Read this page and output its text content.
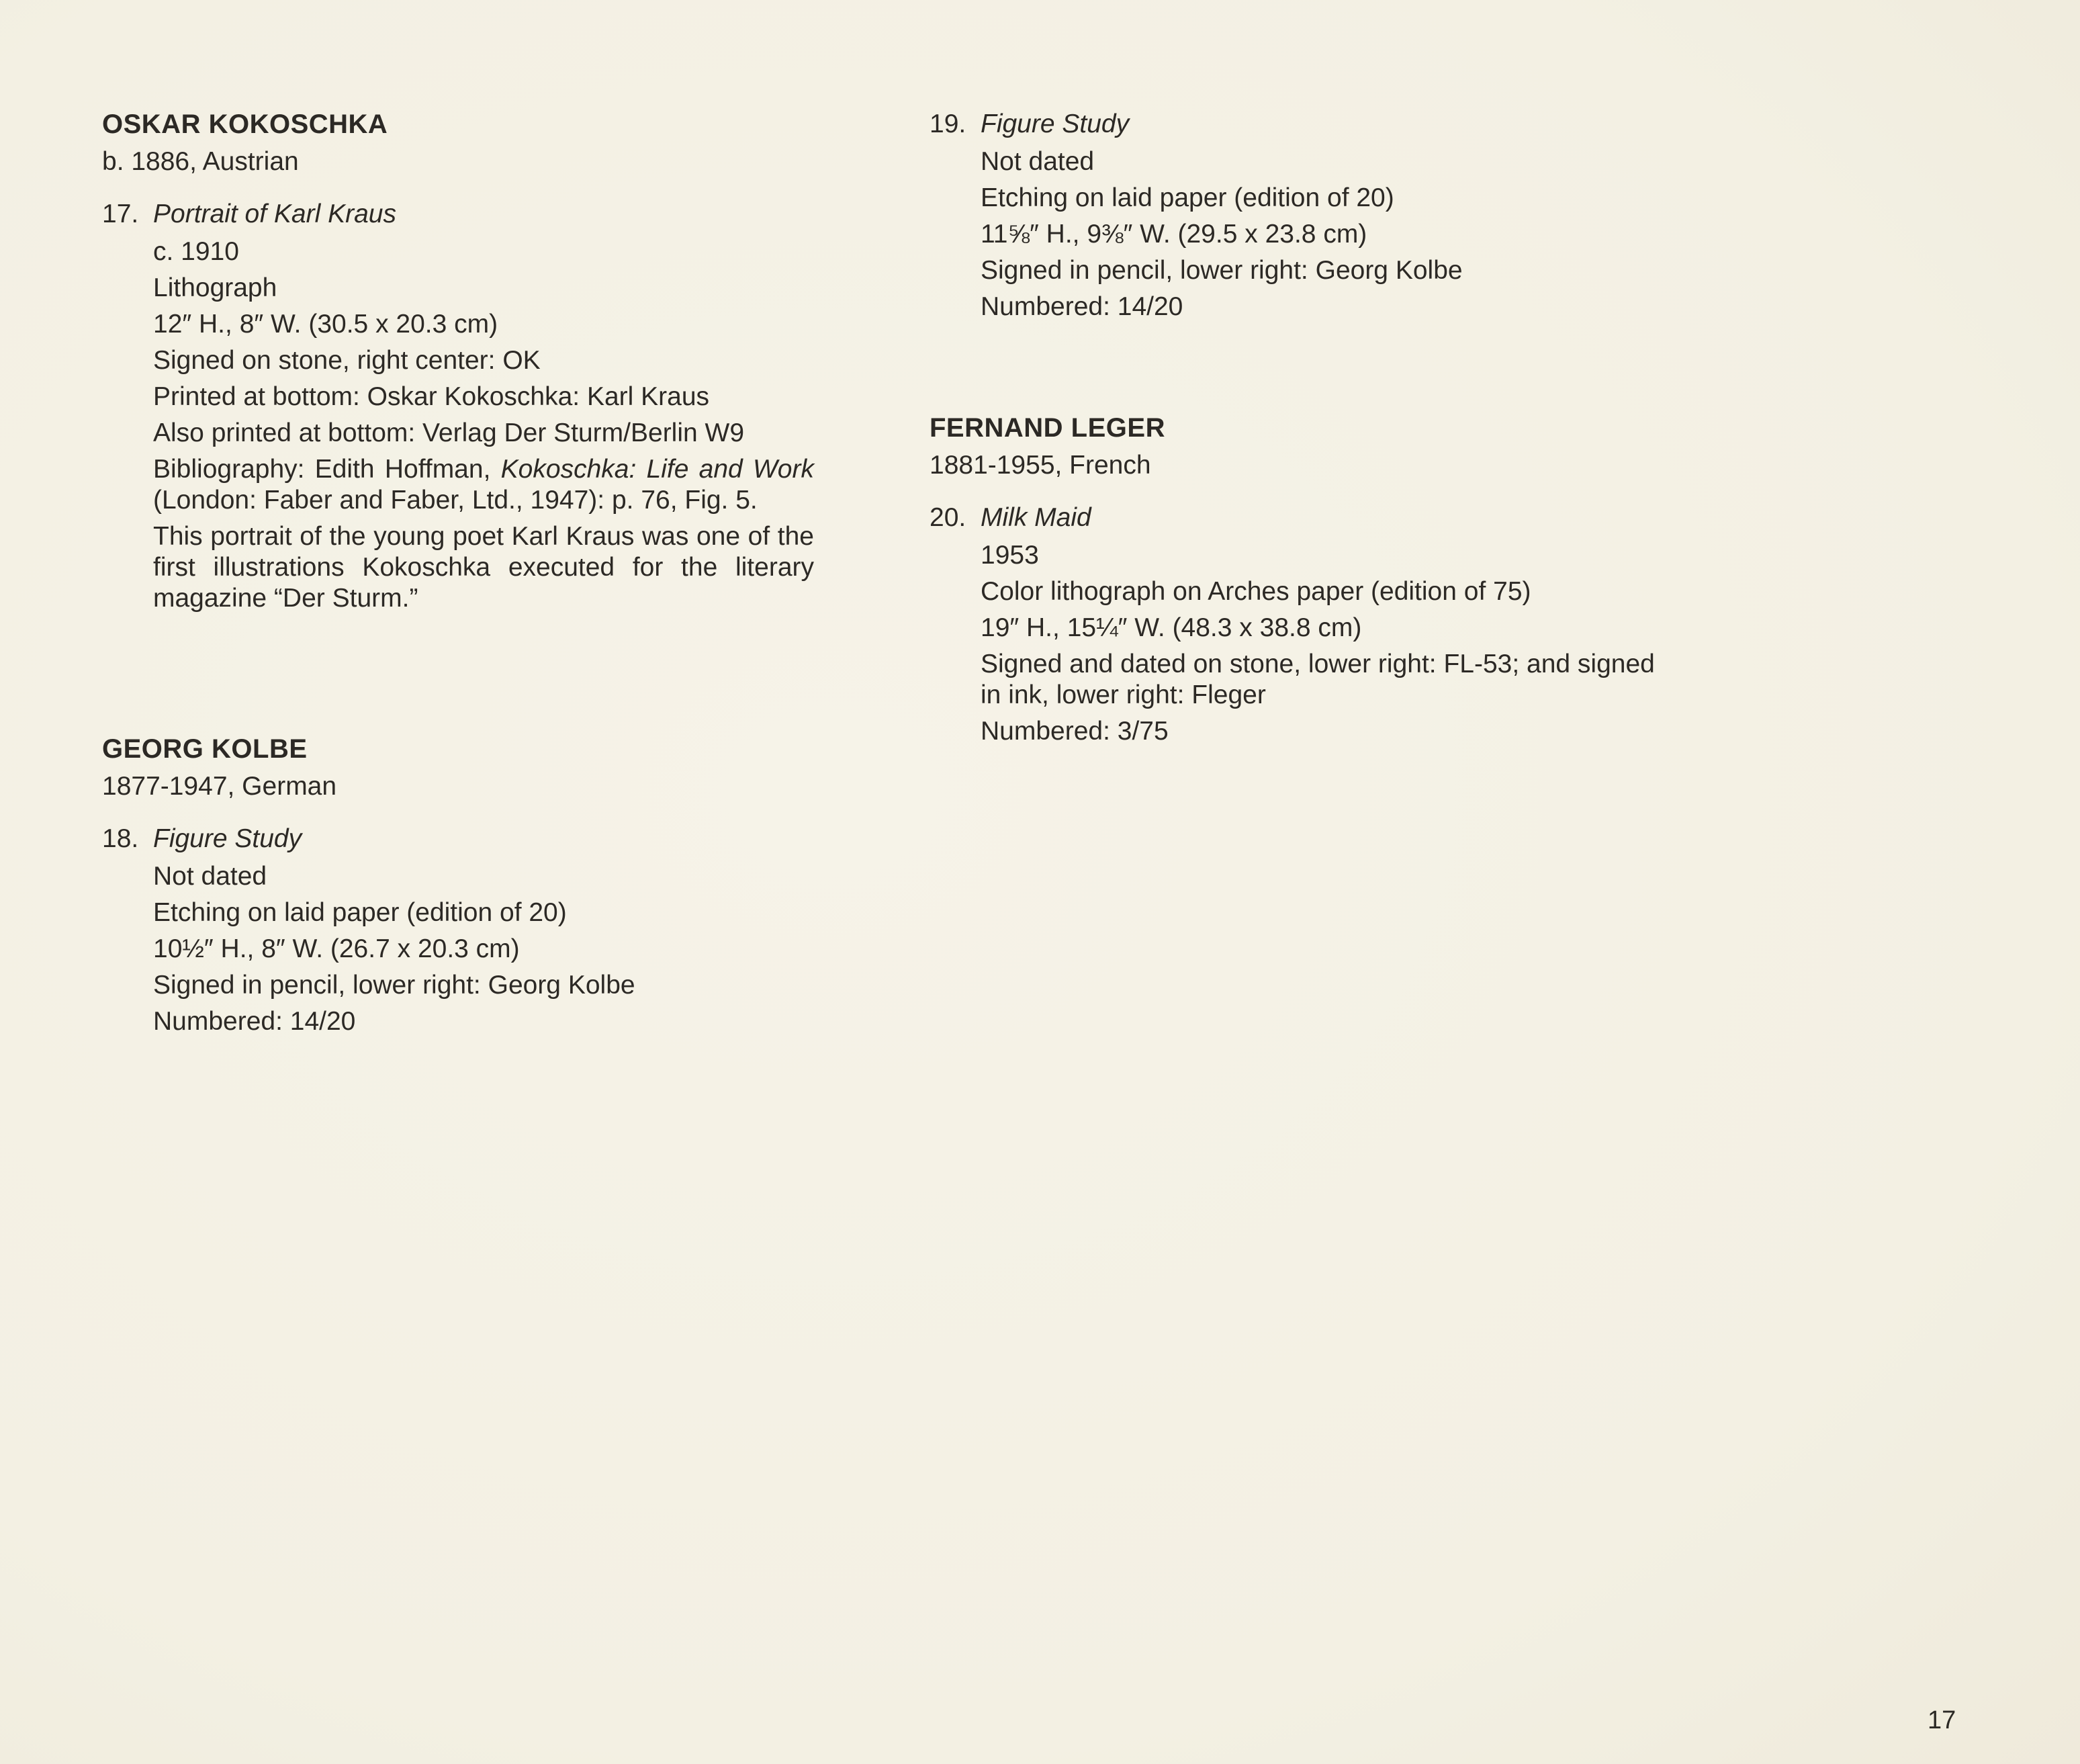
OSKAR KOKOSCHKA

b. 1886, Austrian

17. Portrait of Karl Kraus
c. 1910
Lithograph
12″ H., 8″ W. (30.5 x 20.3 cm)
Signed on stone, right center: OK
Printed at bottom: Oskar Kokoschka: Karl Kraus
Also printed at bottom: Verlag Der Sturm/Berlin W9
Bibliography: Edith Hoffman, Kokoschka: Life and Work (London: Faber and Faber, Ltd., 1947): p. 76, Fig. 5.
This portrait of the young poet Karl Kraus was one of the first illustrations Kokoschka executed for the literary magazine “Der Sturm.”
GEORG KOLBE

1877-1947, German

18. Figure Study
Not dated
Etching on laid paper (edition of 20)
10½″ H., 8″ W. (26.7 x 20.3 cm)
Signed in pencil, lower right: Georg Kolbe
Numbered: 14/20
19. Figure Study
Not dated
Etching on laid paper (edition of 20)
11⅝″ H., 9⅜″ W. (29.5 x 23.8 cm)
Signed in pencil, lower right: Georg Kolbe
Numbered: 14/20
FERNAND LEGER

1881-1955, French

20. Milk Maid
1953
Color lithograph on Arches paper (edition of 75)
19″ H., 15¼″ W. (48.3 x 38.8 cm)
Signed and dated on stone, lower right: FL-53; and signed in ink, lower right: Fleger
Numbered: 3/75
17
